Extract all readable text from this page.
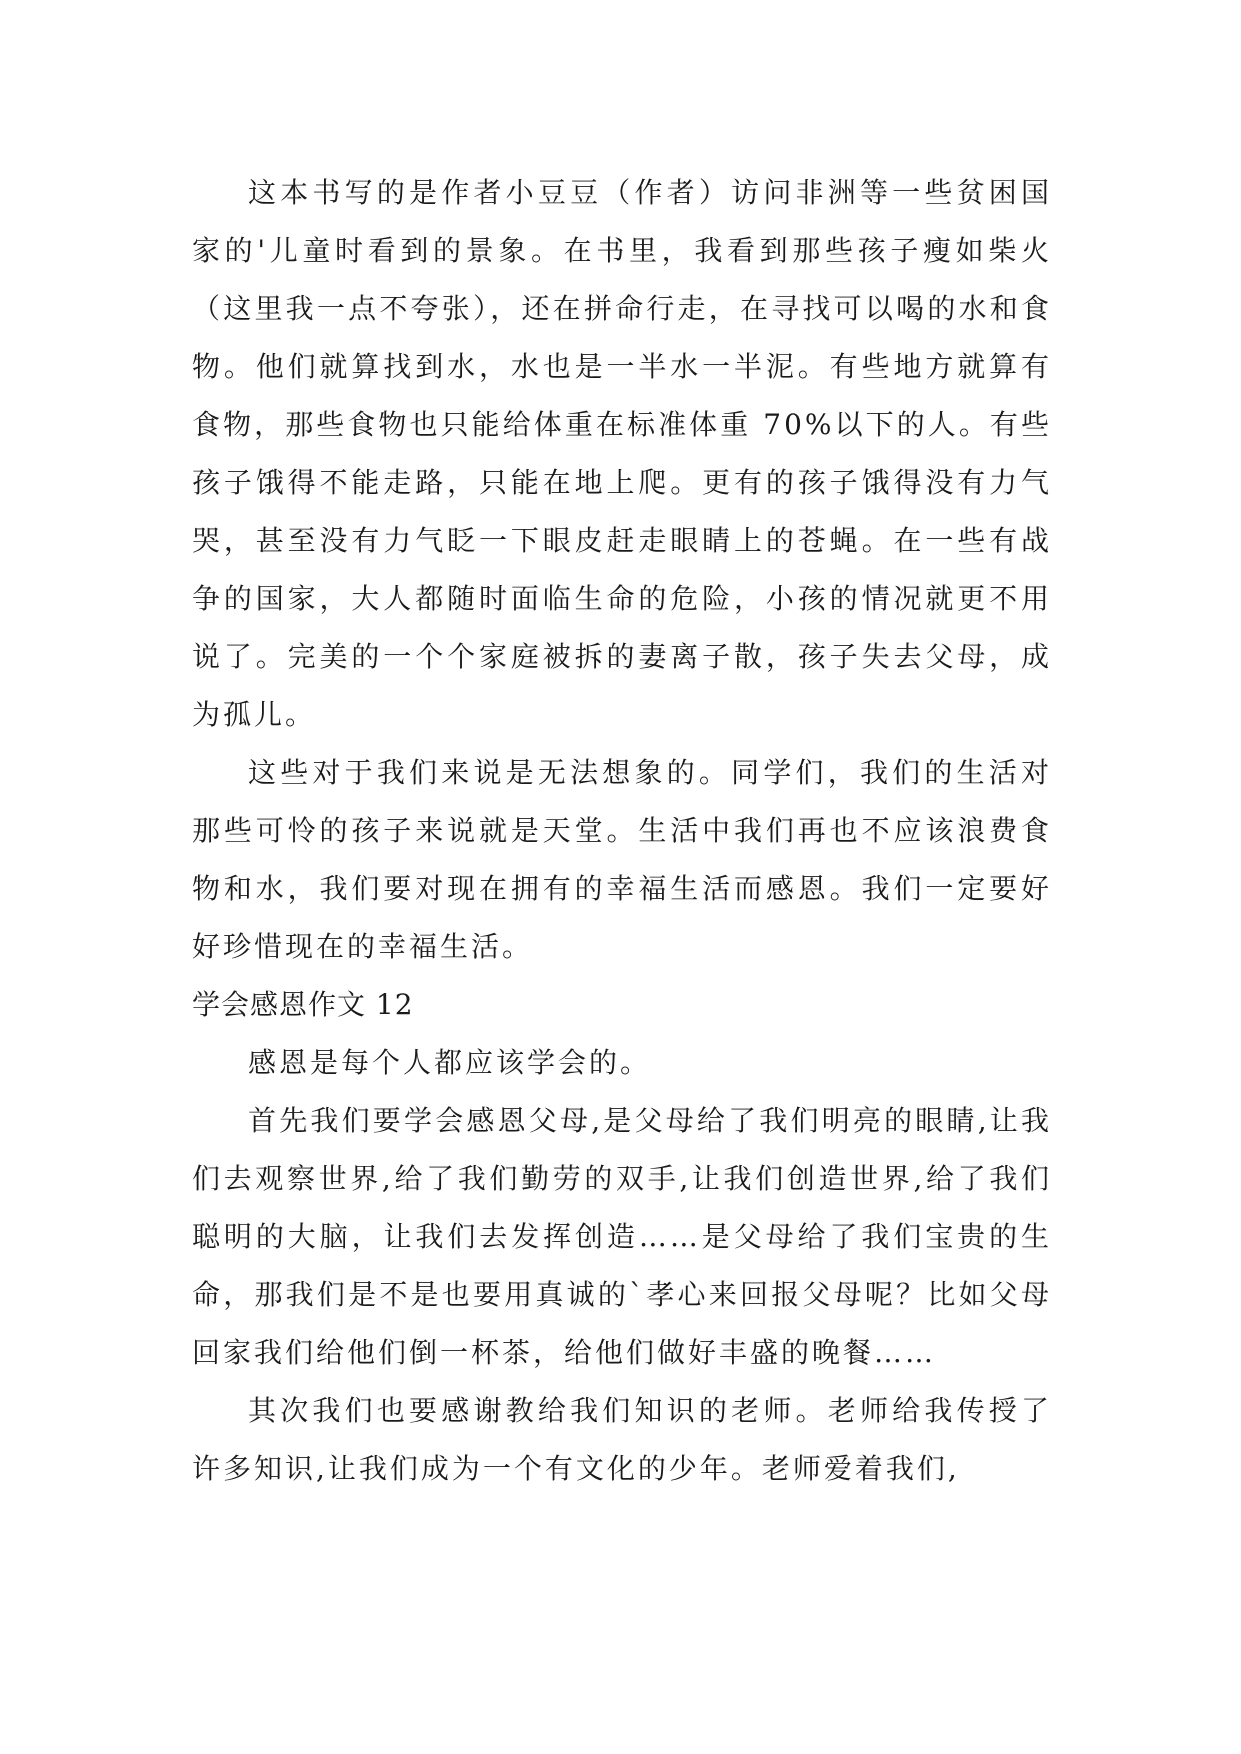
这本书写的是作者小豆豆（作者）访问非洲等一些贫困国家的'儿童时看到的景象。在书里，我看到那些孩子瘦如柴火（这里我一点不夸张），还在拼命行走，在寻找可以喝的水和食物。他们就算找到水，水也是一半水一半泥。有些地方就算有食物，那些食物也只能给体重在标准体重 70%以下的人。有些孩子饿得不能走路，只能在地上爬。更有的孩子饿得没有力气哭，甚至没有力气眨一下眼皮赶走眼睛上的苍蝇。在一些有战争的国家，大人都随时面临生命的危险，小孩的情况就更不用说了。完美的一个个家庭被拆的妻离子散，孩子失去父母，成为孤儿。

这些对于我们来说是无法想象的。同学们，我们的生活对那些可怜的孩子来说就是天堂。生活中我们再也不应该浪费食物和水，我们要对现在拥有的幸福生活而感恩。我们一定要好好珍惜现在的幸福生活。

学会感恩作文 12

感恩是每个人都应该学会的。

首先我们要学会感恩父母,是父母给了我们明亮的眼睛,让我们去观察世界,给了我们勤劳的双手,让我们创造世界,给了我们聪明的大脑，让我们去发挥创造……是父母给了我们宝贵的生命，那我们是不是也要用真诚的`孝心来回报父母呢？比如父母回家我们给他们倒一杯茶，给他们做好丰盛的晚餐……

其次我们也要感谢教给我们知识的老师。老师给我传授了许多知识,让我们成为一个有文化的少年。老师爱着我们,
